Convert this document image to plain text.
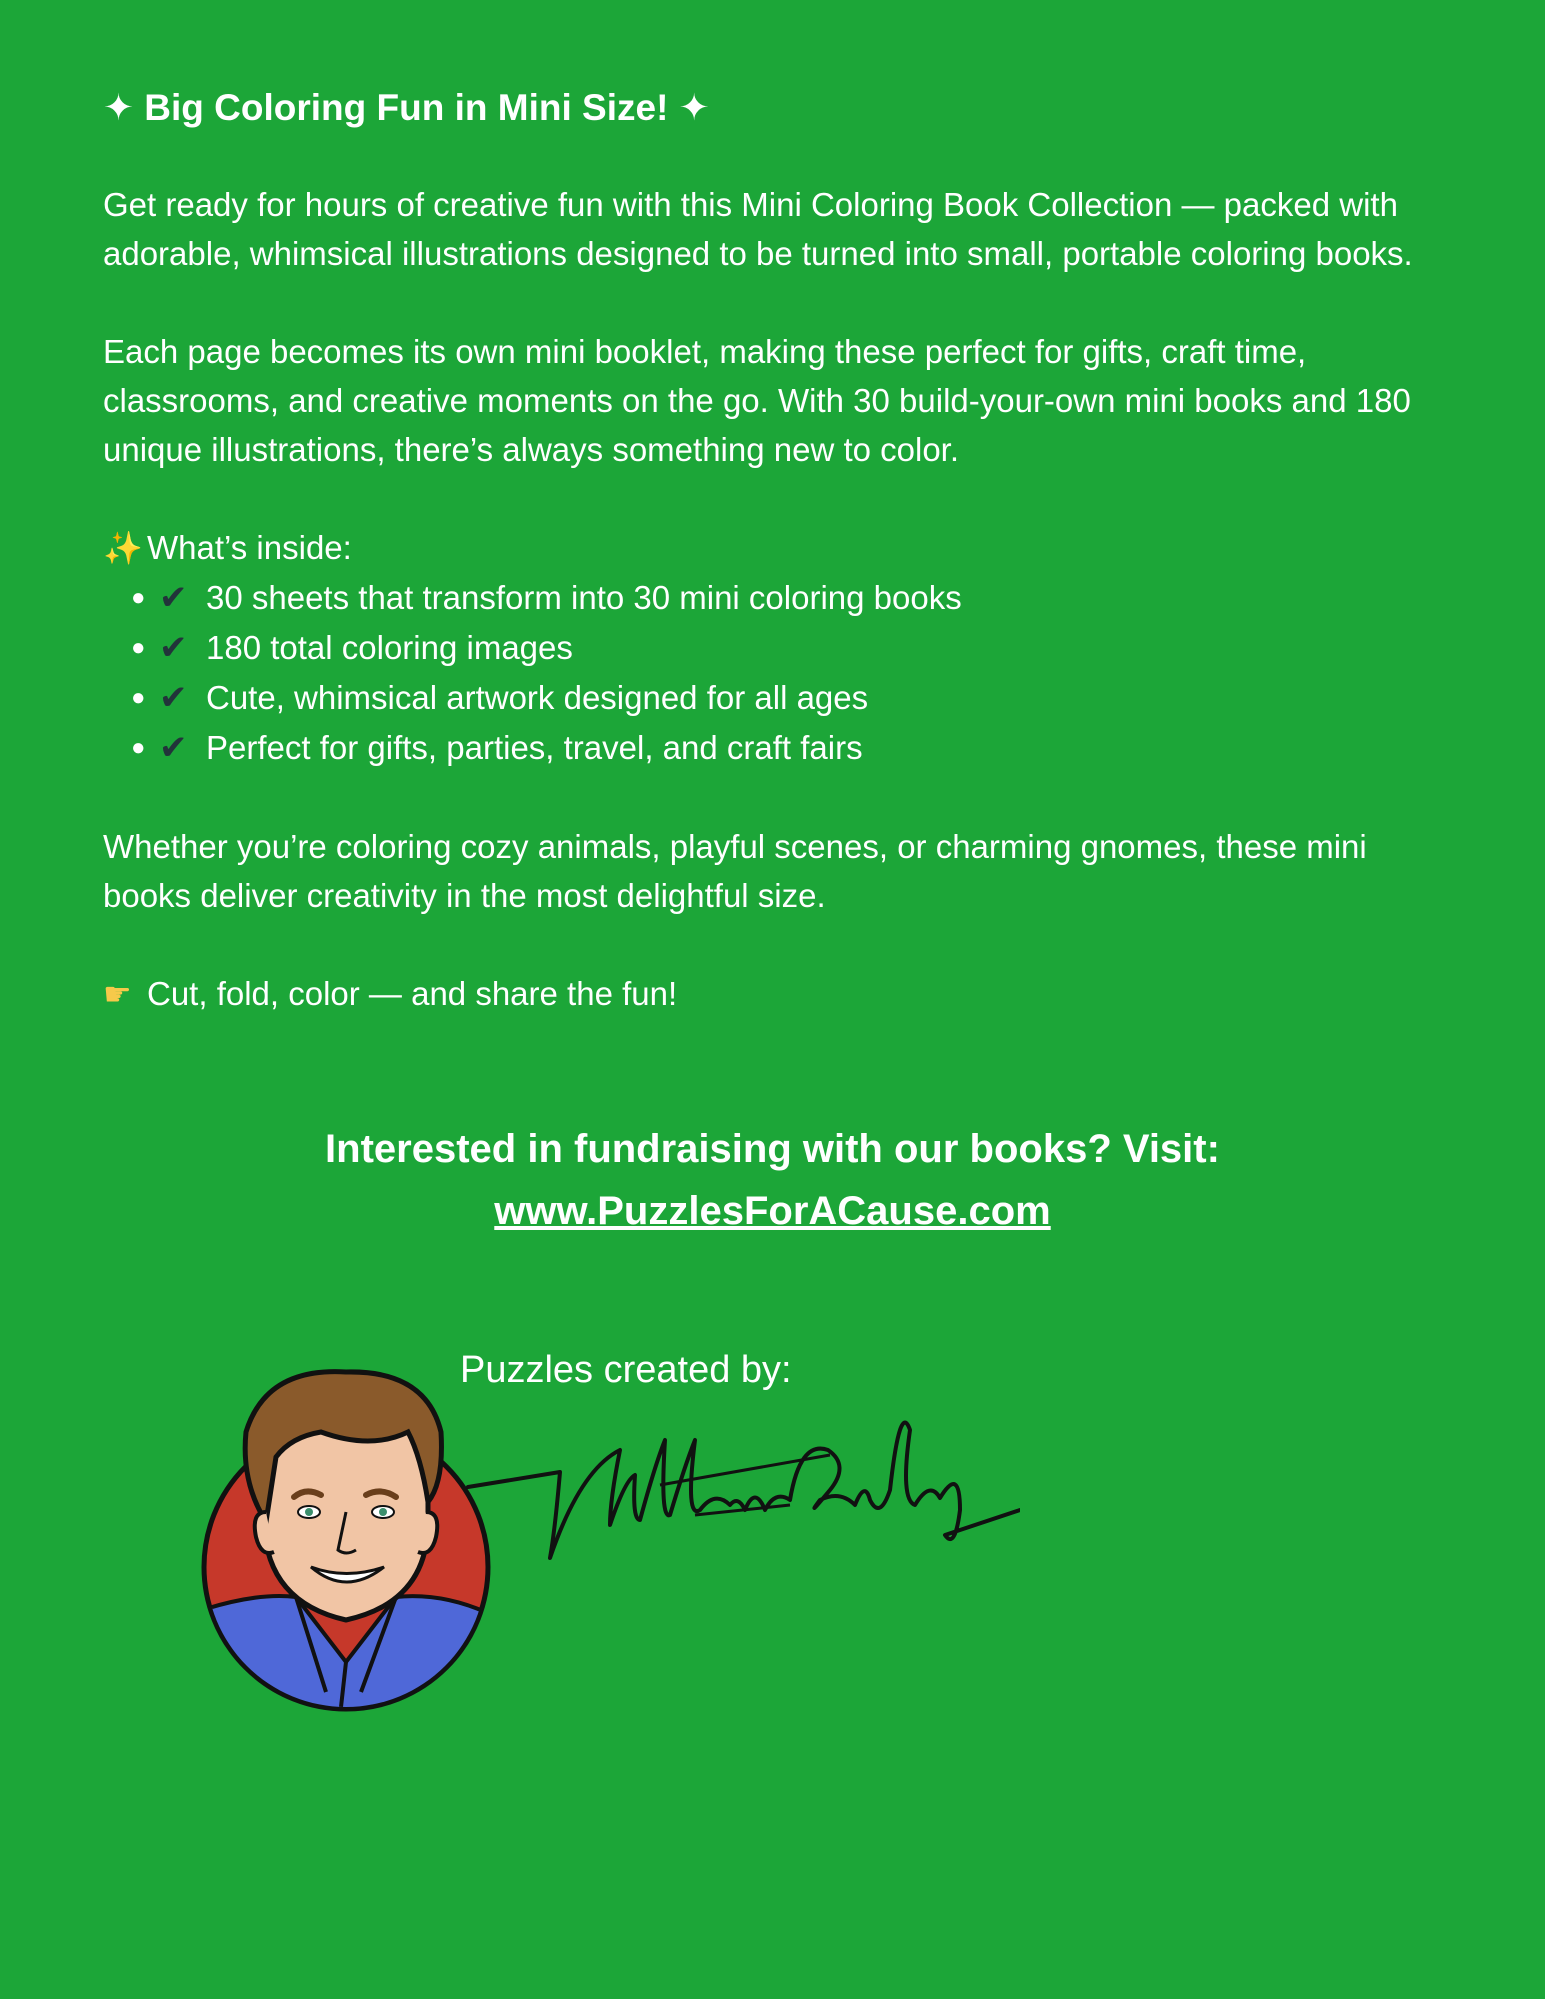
✦ Big Coloring Fun in Mini Size! ✦

Get ready for hours of creative fun with this Mini Coloring Book Collection — packed with adorable, whimsical illustrations designed to be turned into small, portable coloring books.

Each page becomes its own mini booklet, making these perfect for gifts, craft time, classrooms, and creative moments on the go. With 30 build-your-own mini books and 180 unique illustrations, there’s always something new to color.

✨ What’s inside:
● ✔ 30 sheets that transform into 30 mini coloring books
● ✔ 180 total coloring images
● ✔ Cute, whimsical artwork designed for all ages
● ✔ Perfect for gifts, parties, travel, and craft fairs

Whether you’re coloring cozy animals, playful scenes, or charming gnomes, these mini books deliver creativity in the most delightful size.

☛ Cut, fold, color — and share the fun!

Interested in fundraising with our books? Visit:
www.PuzzlesForACause.com
Puzzles created by:
